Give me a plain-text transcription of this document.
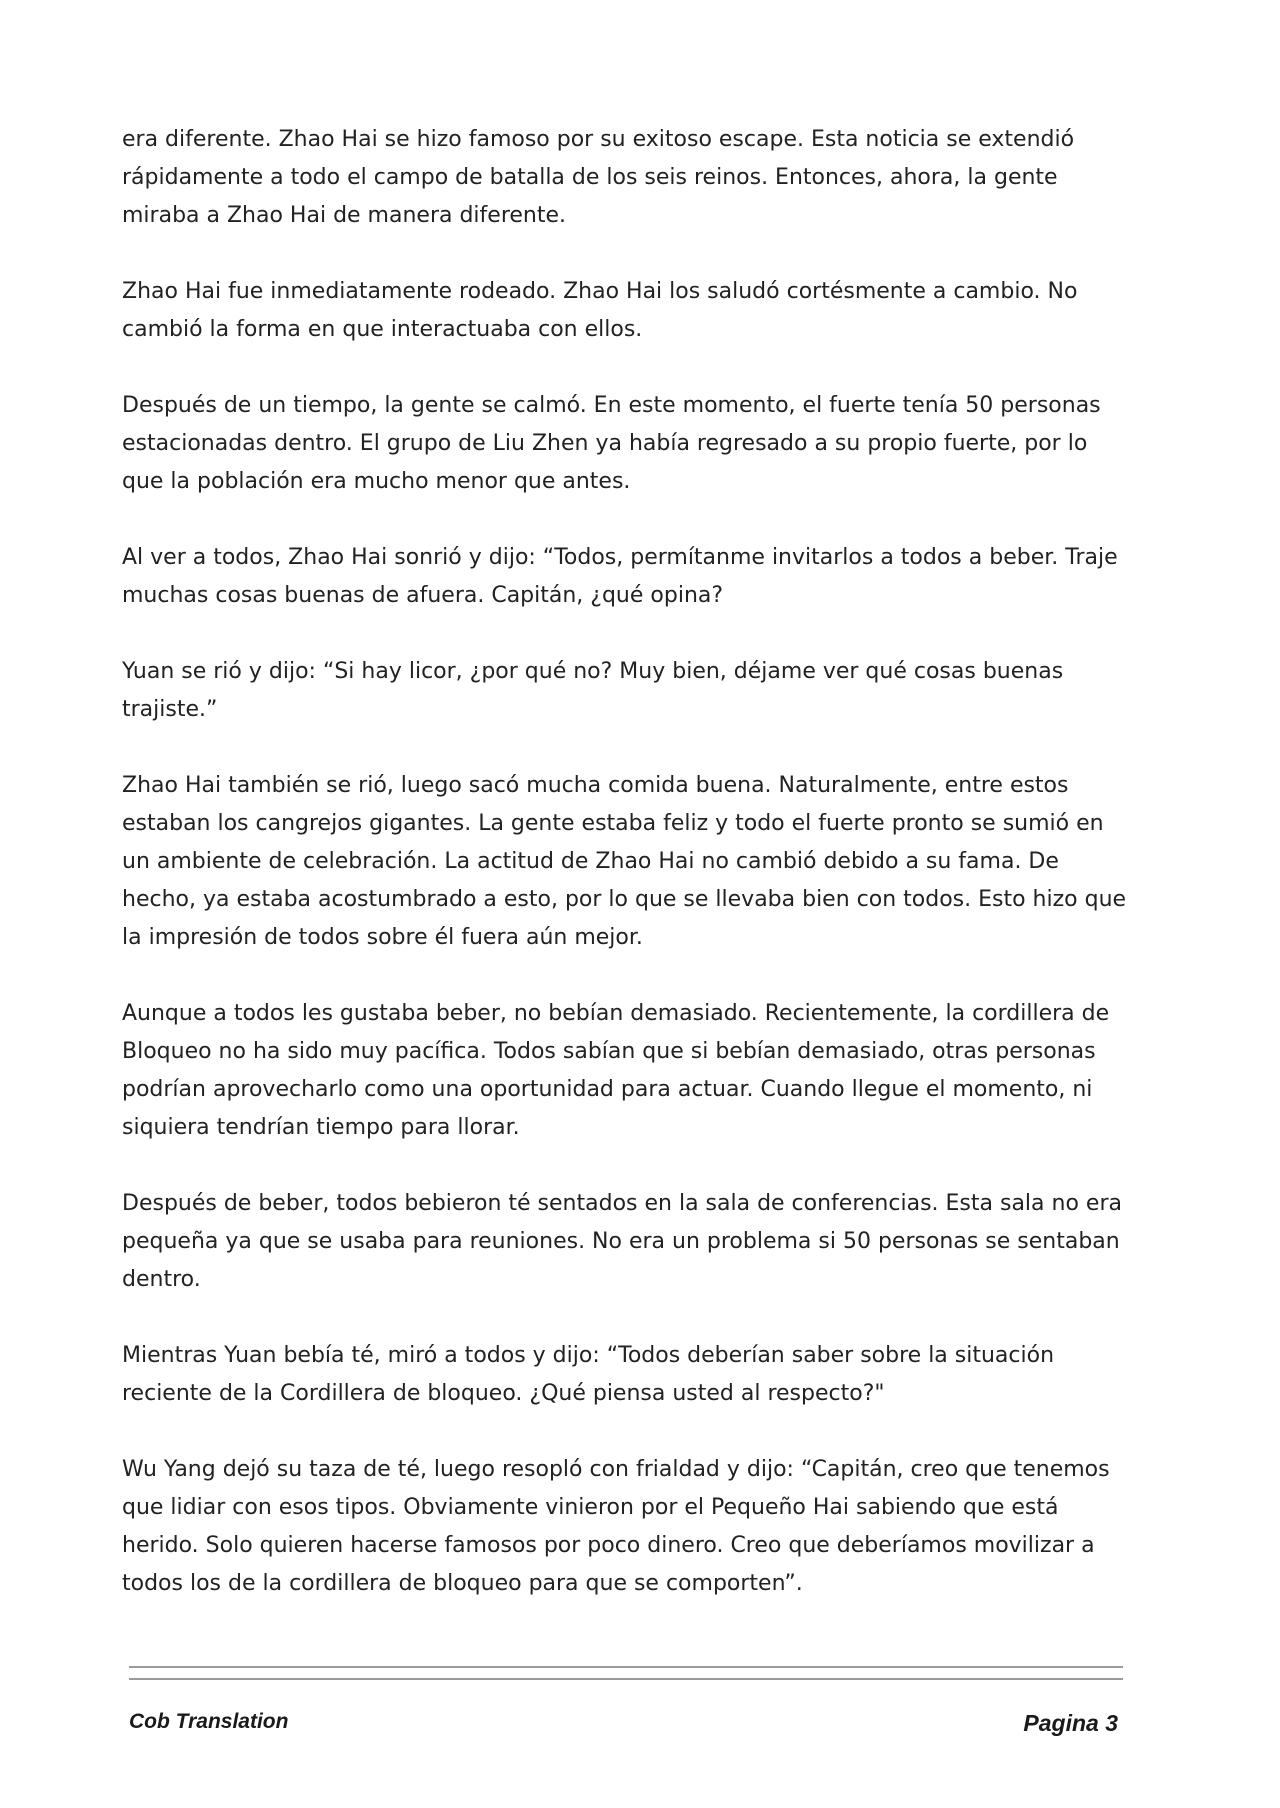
era diferente. Zhao Hai se hizo famoso por su exitoso escape. Esta noticia se extendió rápidamente a todo el campo de batalla de los seis reinos. Entonces, ahora, la gente miraba a Zhao Hai de manera diferente.

Zhao Hai fue inmediatamente rodeado. Zhao Hai los saludó cortésmente a cambio. No cambió la forma en que interactuaba con ellos.

Después de un tiempo, la gente se calmó. En este momento, el fuerte tenía 50 personas estacionadas dentro. El grupo de Liu Zhen ya había regresado a su propio fuerte, por lo que la población era mucho menor que antes.

Al ver a todos, Zhao Hai sonrió y dijo: “Todos, permítanme invitarlos a todos a beber. Traje muchas cosas buenas de afuera. Capitán, ¿qué opina?

Yuan se rió y dijo: “Si hay licor, ¿por qué no? Muy bien, déjame ver qué cosas buenas trajiste.”

Zhao Hai también se rió, luego sacó mucha comida buena. Naturalmente, entre estos estaban los cangrejos gigantes. La gente estaba feliz y todo el fuerte pronto se sumió en un ambiente de celebración. La actitud de Zhao Hai no cambió debido a su fama. De hecho, ya estaba acostumbrado a esto, por lo que se llevaba bien con todos. Esto hizo que la impresión de todos sobre él fuera aún mejor.

Aunque a todos les gustaba beber, no bebían demasiado. Recientemente, la cordillera de Bloqueo no ha sido muy pacífica. Todos sabían que si bebían demasiado, otras personas podrían aprovecharlo como una oportunidad para actuar. Cuando llegue el momento, ni siquiera tendrían tiempo para llorar.

Después de beber, todos bebieron té sentados en la sala de conferencias. Esta sala no era pequeña ya que se usaba para reuniones. No era un problema si 50 personas se sentaban dentro.

Mientras Yuan bebía té, miró a todos y dijo: “Todos deberían saber sobre la situación reciente de la Cordillera de bloqueo. ¿Qué piensa usted al respecto?"

Wu Yang dejó su taza de té, luego resopló con frialdad y dijo: “Capitán, creo que tenemos que lidiar con esos tipos. Obviamente vinieron por el Pequeño Hai sabiendo que está herido. Solo quieren hacerse famosos por poco dinero. Creo que deberíamos movilizar a todos los de la cordillera de bloqueo para que se comporten”.

Cob Translation	Pagina 3
